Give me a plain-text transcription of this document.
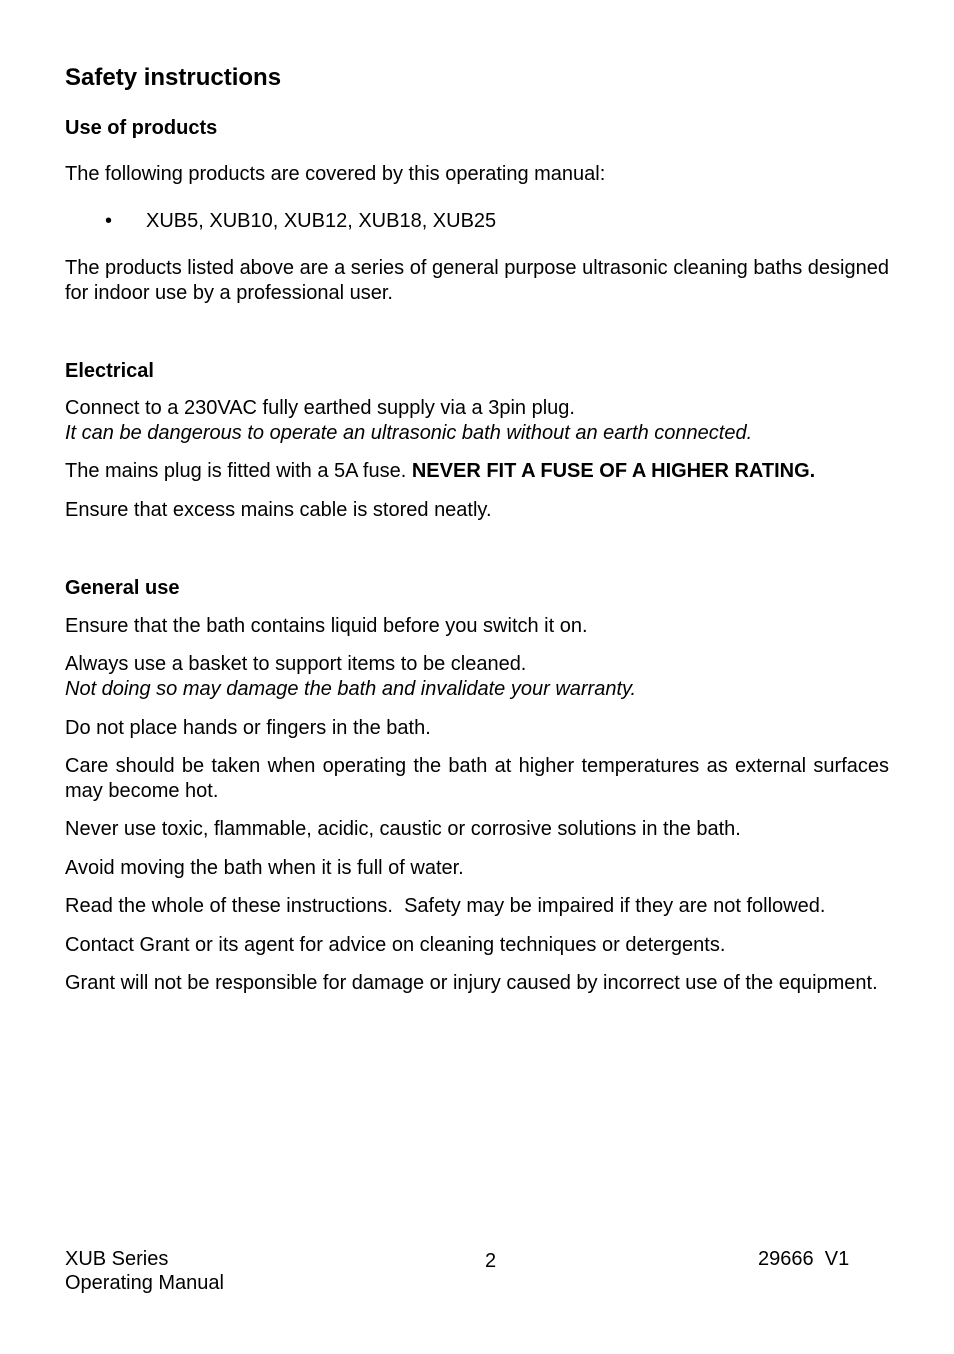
Safety instructions
Use of products

The following products are covered by this operating manual:

• XUB5, XUB10, XUB12, XUB18, XUB25

The products listed above are a series of general purpose ultrasonic cleaning baths designed for indoor use by a professional user.

Electrical

Connect to a 230VAC fully earthed supply via a 3pin plug.
It can be dangerous to operate an ultrasonic bath without an earth connected.

The mains plug is fitted with a 5A fuse. NEVER FIT A FUSE OF A HIGHER RATING.

Ensure that excess mains cable is stored neatly.

General use

Ensure that the bath contains liquid before you switch it on.

Always use a basket to support items to be cleaned.
Not doing so may damage the bath and invalidate your warranty.

Do not place hands or fingers in the bath.

Care should be taken when operating the bath at higher temperatures as external surfaces may become hot.

Never use toxic, flammable, acidic, caustic or corrosive solutions in the bath.

Avoid moving the bath when it is full of water.

Read the whole of these instructions.  Safety may be impaired if they are not followed.

Contact Grant or its agent for advice on cleaning techniques or detergents.

Grant will not be responsible for damage or injury caused by incorrect use of the equipment.

XUB Series
Operating Manual
2	29666  V1
